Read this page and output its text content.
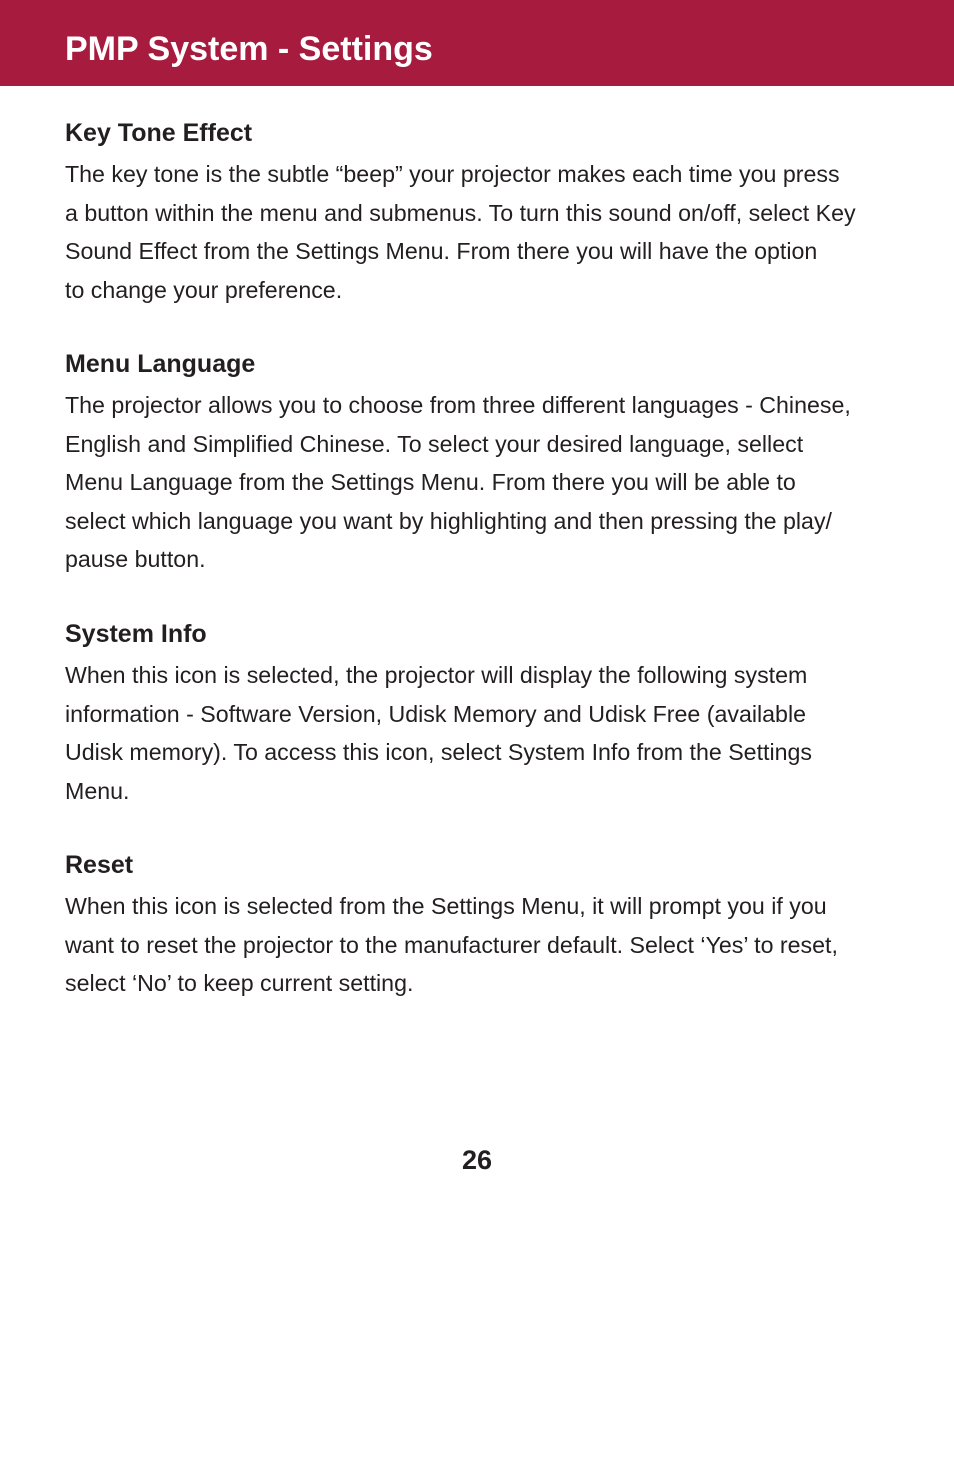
PMP System - Settings
Key Tone Effect

The key tone is the subtle “beep” your projector makes each time you press
a button within the menu and submenus. To turn this sound on/off, select Key
Sound Effect from the Settings Menu. From there you will have the option
to change your preference.

Menu Language

The projector allows you to choose from three different languages - Chinese,
English and Simplified Chinese. To select your desired language, sellect
Menu Language from the Settings Menu. From there you will be able to
select which language you want by highlighting and then pressing the play/
pause button.

System Info

When this icon is selected, the projector will display the following system
information - Software Version, Udisk Memory and Udisk Free (available
Udisk memory). To access this icon, select System Info from the Settings
Menu.

Reset

When this icon is selected from the Settings Menu, it will prompt you if you
want to reset the projector to the manufacturer default. Select ‘Yes’ to reset,
select ‘No’ to keep current setting.

26
